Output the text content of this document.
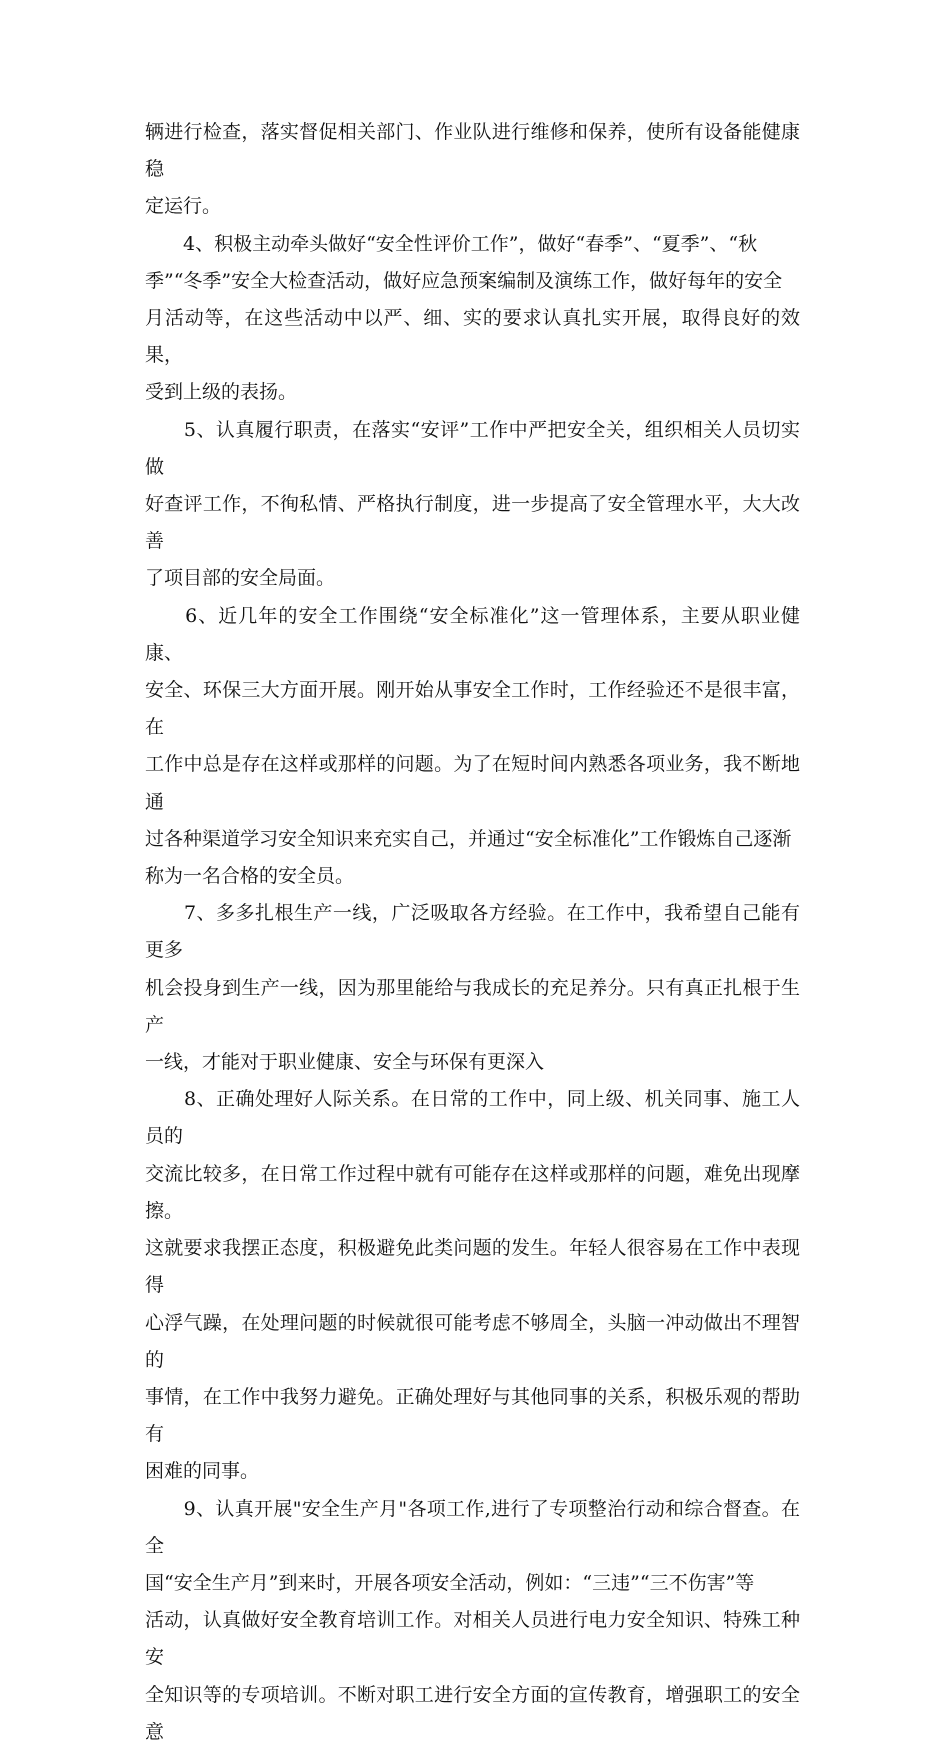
辆进行检查，落实督促相关部门、作业队进行维修和保养，使所有设备能健康稳
定运行。

　　4、积极主动牵头做好“安全性评价工作”，做好“春季”、“夏季”、“秋
季”“冬季”安全大检查活动，做好应急预案编制及演练工作，做好每年的安全
月活动等，在这些活动中以严、细、实的要求认真扎实开展，取得良好的效果，
受到上级的表扬。

　　5、认真履行职责，在落实“安评”工作中严把安全关，组织相关人员切实做
好查评工作，不徇私情、严格执行制度，进一步提高了安全管理水平，大大改善
了项目部的安全局面。

　　6、近几年的安全工作围绕“安全标准化”这一管理体系，主要从职业健康、
安全、环保三大方面开展。刚开始从事安全工作时，工作经验还不是很丰富，在
工作中总是存在这样或那样的问题。为了在短时间内熟悉各项业务，我不断地通
过各种渠道学习安全知识来充实自己，并通过“安全标准化”工作锻炼自己逐渐
称为一名合格的安全员。

　　7、多多扎根生产一线，广泛吸取各方经验。在工作中，我希望自己能有更多
机会投身到生产一线，因为那里能给与我成长的充足养分。只有真正扎根于生产
一线，才能对于职业健康、安全与环保有更深入

　　8、正确处理好人际关系。在日常的工作中，同上级、机关同事、施工人员的
交流比较多，在日常工作过程中就有可能存在这样或那样的问题，难免出现摩擦。
这就要求我摆正态度，积极避免此类问题的发生。年轻人很容易在工作中表现得
心浮气躁，在处理问题的时候就很可能考虑不够周全，头脑一冲动做出不理智的
事情，在工作中我努力避免。正确处理好与其他同事的关系，积极乐观的帮助有
困难的同事。

　　9、认真开展"安全生产月"各项工作,进行了专项整治行动和综合督查。在全
国“安全生产月”到来时，开展各项安全活动，例如：“三违”“三不伤害”等
活动，认真做好安全教育培训工作。对相关人员进行电力安全知识、特殊工种安
全知识等的专项培训。不断对职工进行安全方面的宣传教育，增强职工的安全意
